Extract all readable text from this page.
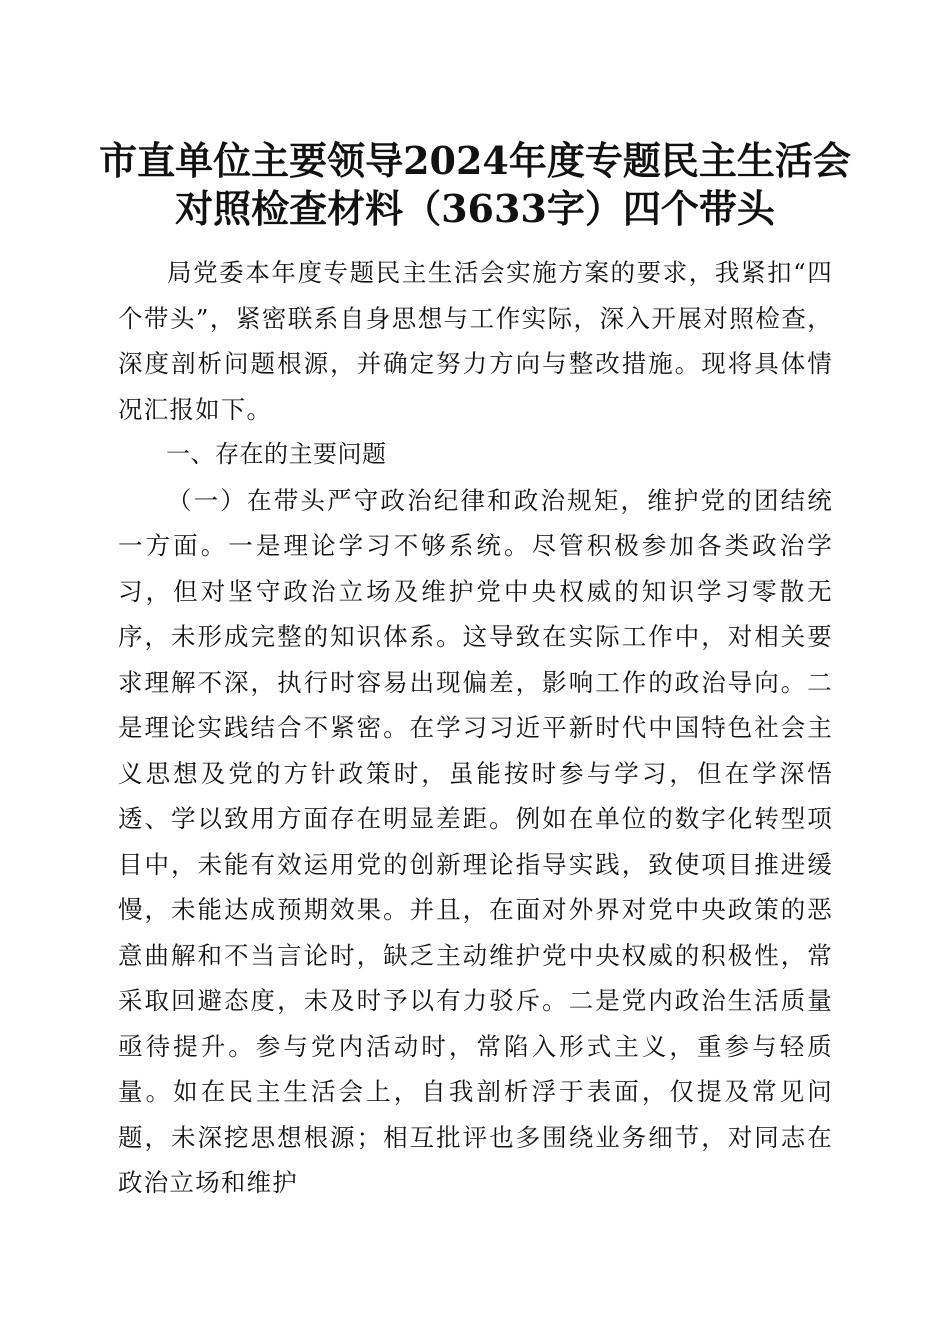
市直单位主要领导2024年度专题民主生活会
对照检查材料（3633字）四个带头

局党委本年度专题民主生活会实施方案的要求，我紧扣“四个带头”，紧密联系自身思想与工作实际，深入开展对照检查，深度剖析问题根源，并确定努力方向与整改措施。现将具体情况汇报如下。

一、存在的主要问题

（一）在带头严守政治纪律和政治规矩，维护党的团结统一方面。一是理论学习不够系统。尽管积极参加各类政治学习，但对坚守政治立场及维护党中央权威的知识学习零散无序，未形成完整的知识体系。这导致在实际工作中，对相关要求理解不深，执行时容易出现偏差，影响工作的政治导向。二是理论实践结合不紧密。在学习习近平新时代中国特色社会主义思想及党的方针政策时，虽能按时参与学习，但在学深悟透、学以致用方面存在明显差距。例如在单位的数字化转型项目中，未能有效运用党的创新理论指导实践，致使项目推进缓慢，未能达成预期效果。并且，在面对外界对党中央政策的恶意曲解和不当言论时，缺乏主动维护党中央权威的积极性，常采取回避态度，未及时予以有力驳斥。二是党内政治生活质量亟待提升。参与党内活动时，常陷入形式主义，重参与轻质量。如在民主生活会上，自我剖析浮于表面，仅提及常见问题，未深挖思想根源；相互批评也多围绕业务细节，对同志在政治立场和维护
